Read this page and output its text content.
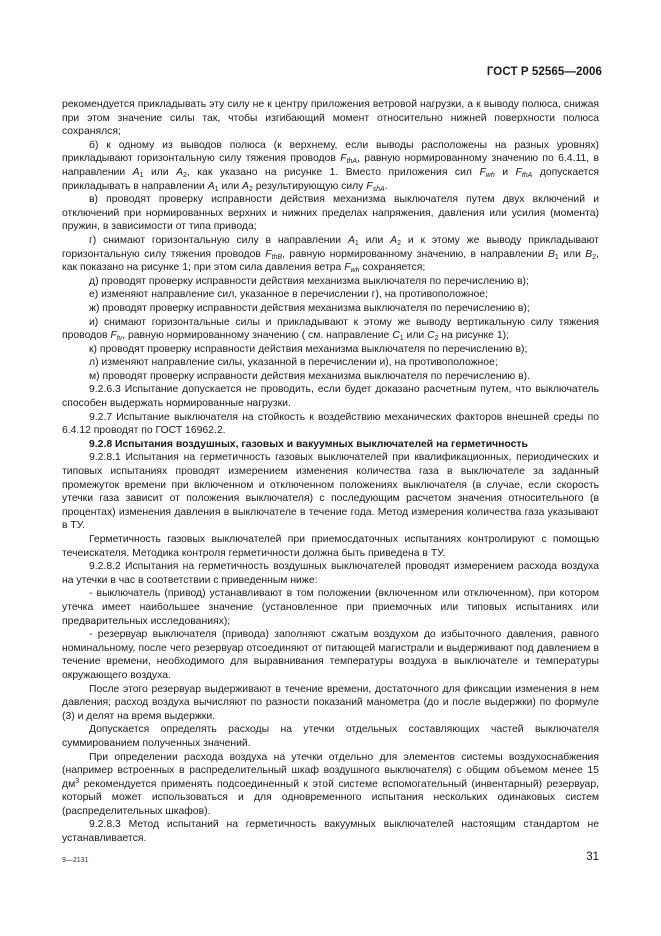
ГОСТ Р 52565—2006

рекомендуется прикладывать эту силу не к центру приложения ветровой нагрузки, а к выводу полюса, снижая при этом значение силы так, чтобы изгибающий момент относительно нижней поверхности полюса сохранялся;

б) к одному из выводов полюса (к верхнему, если выводы расположены на разных уровнях) прикладывают горизонтальную силу тяжения проводов $F_{thA}$, равную нормированному значению по 6.4.11, в направлении $A_1$ или $A_2$, как указано на рисунке 1. Вместо приложения сил $F_{wh}$ и $F_{thA}$ допускается прикладывать в направлении $A_1$ или $A_2$ результирующую силу $F_{shA}$.

в) проводят проверку исправности действия механизма выключателя путем двух включений и отключений при нормированных верхних и нижних пределах напряжения, давления или усилия (момента) пружин, в зависимости от типа привода;

г) снимают горизонтальную силу в направлении $A_1$ или $A_2$ и к этому же выводу прикладывают горизонтальную силу тяжения проводов $F_{thB}$, равную нормированному значению, в направлении $B_1$ или $B_2$, как показано на рисунке 1; при этом сила давления ветра $F_{wh}$ сохраняется;

д) проводят проверку исправности действия механизма выключателя по перечислению в);

е) изменяют направление сил, указанное в перечислении г), на противоположное;

ж) проводят проверку исправности действия механизма выключателя по перечислению в);

и) снимают горизонтальные силы и прикладывают к этому же выводу вертикальную силу тяжения проводов $F_{tv}$, равную нормированному значению ( см. направление $C_1$ или $C_2$ на рисунке 1);

к) проводят проверку исправности действия механизма выключателя по перечислению в);

л) изменяют направление силы, указанной в перечислении и), на противоположное;

м) проводят проверку исправности действия механизма выключателя по перечислению в).

9.2.6.3 Испытание допускается не проводить, если будет доказано расчетным путем, что выключатель способен выдержать нормированные нагрузки.

9.2.7 Испытание выключателя на стойкость к воздействию механических факторов внешней среды по 6.4.12 проводят по ГОСТ 16962.2.

9.2.8 Испытания воздушных, газовых и вакуумных выключателей на герметичность

9.2.8.1 Испытания на герметичность газовых выключателей при квалификационных, периодических и типовых испытаниях проводят измерением изменения количества газа в выключателе за заданный промежуток времени при включенном и отключенном положениях выключателя (в случае, если скорость утечки газа зависит от положения выключателя) с последующим расчетом значения относительного (в процентах) изменения давления в выключателе в течение года. Метод измерения количества газа указывают в ТУ.

Герметичность газовых выключателей при приемосдаточных испытаниях контролируют с помощью течеискателя. Методика контроля герметичности должна быть приведена в ТУ.

9.2.8.2 Испытания на герметичность воздушных выключателей проводят измерением расхода воздуха на утечки в час в соответствии с приведенным ниже:

- выключатель (привод) устанавливают в том положении (включенном или отключенном), при котором утечка имеет наибольшее значение (установленное при приемочных или типовых испытаниях или предварительных исследованиях);

- резервуар выключателя (привода) заполняют сжатым воздухом до избыточного давления, равного номинальному, после чего резервуар отсоединяют от питающей магистрали и выдерживают под давлением в течение времени, необходимого для выравнивания температуры воздуха в выключателе и температуры окружающего воздуха.

После этого резервуар выдерживают в течение времени, достаточного для фиксации изменения в нем давления; расход воздуха вычисляют по разности показаний манометра (до и после выдержки) по формуле (3) и делят на время выдержки.

Допускается определять расходы на утечки отдельных составляющих частей выключателя суммированием полученных значений.

При определении расхода воздуха на утечки отдельно для элементов системы воздухоснабжения (например встроенных в распределительный шкаф воздушного выключателя) с общим объемом менее 15 $дм^3$ рекомендуется применять подсоединенный к этой системе вспомогательный (инвентарный) резервуар, который может использоваться и для одновременного испытания нескольких одинаковых систем (распределительных шкафов).

9.2.8.3 Метод испытаний на герметичность вакуумных выключателей настоящим стандартом не устанавливается.

9—2131	31
